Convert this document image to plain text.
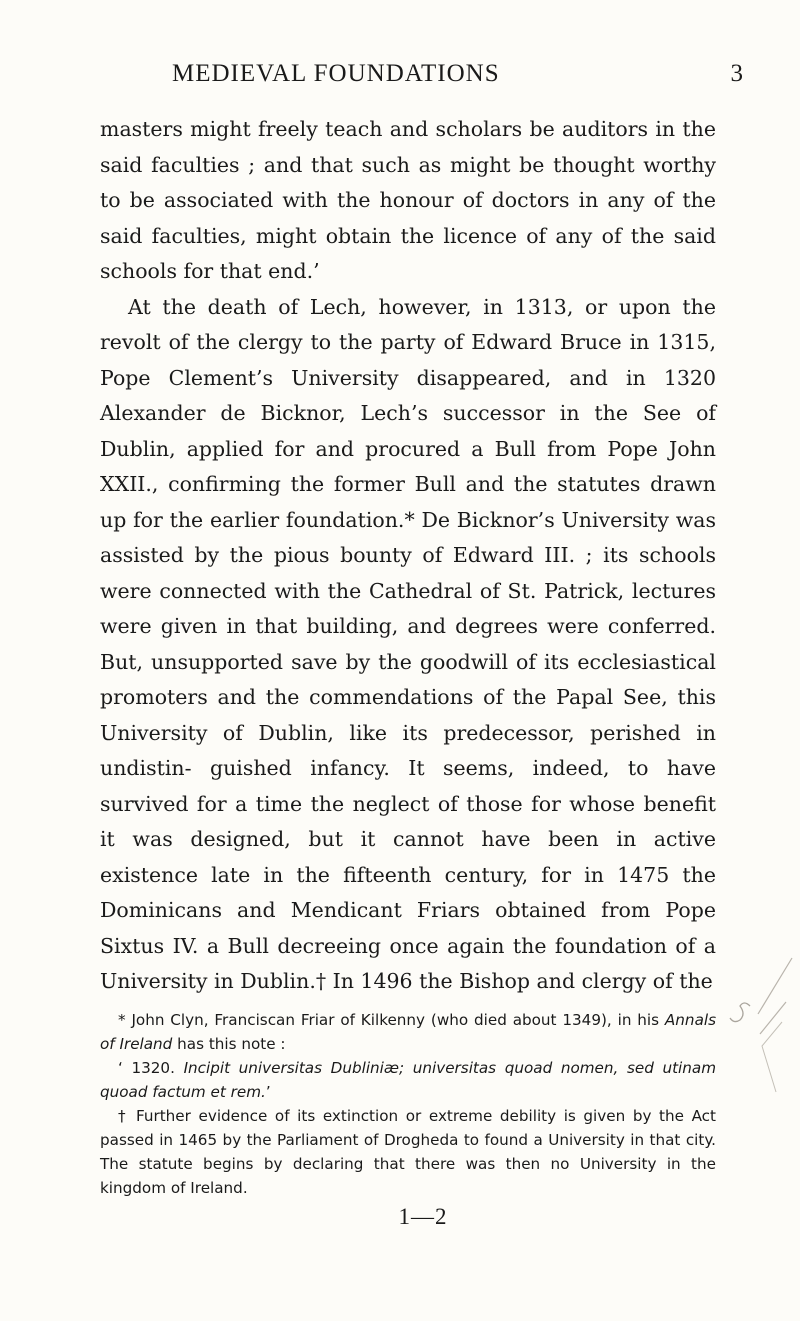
MEDIEVAL FOUNDATIONS	3

masters might freely teach and scholars be auditors in the said faculties ; and that such as might be thought worthy to be associated with the honour of doctors in any of the said faculties, might obtain the licence of any of the said schools for that end.’

At the death of Lech, however, in 1313, or upon the revolt of the clergy to the party of Edward Bruce in 1315, Pope Clement’s University disappeared, and in 1320 Alexander de Bicknor, Lech’s successor in the See of Dublin, applied for and procured a Bull from Pope John XXII., confirming the former Bull and the statutes drawn up for the earlier foundation.* De Bicknor’s University was assisted by the pious bounty of Edward III. ; its schools were connected with the Cathedral of St. Patrick, lectures were given in that building, and degrees were conferred. But, unsupported save by the goodwill of its ecclesiastical promoters and the commendations of the Papal See, this University of Dublin, like its predecessor, perished in undistin- guished infancy. It seems, indeed, to have survived for a time the neglect of those for whose benefit it was designed, but it cannot have been in active existence late in the fifteenth century, for in 1475 the Dominicans and Mendicant Friars obtained from Pope Sixtus IV. a Bull decreeing once again the foundation of a University in Dublin.† In 1496 the Bishop and clergy of the

* John Clyn, Franciscan Friar of Kilkenny (who died about 1349), in his Annals of Ireland has this note :

‘ 1320. Incipit universitas Dubliniæ; universitas quoad nomen, sed utinam quoad factum et rem.’

† Further evidence of its extinction or extreme debility is given by the Act passed in 1465 by the Parliament of Drogheda to found a University in that city. The statute begins by declaring that there was then no University in the kingdom of Ireland.

1—2
